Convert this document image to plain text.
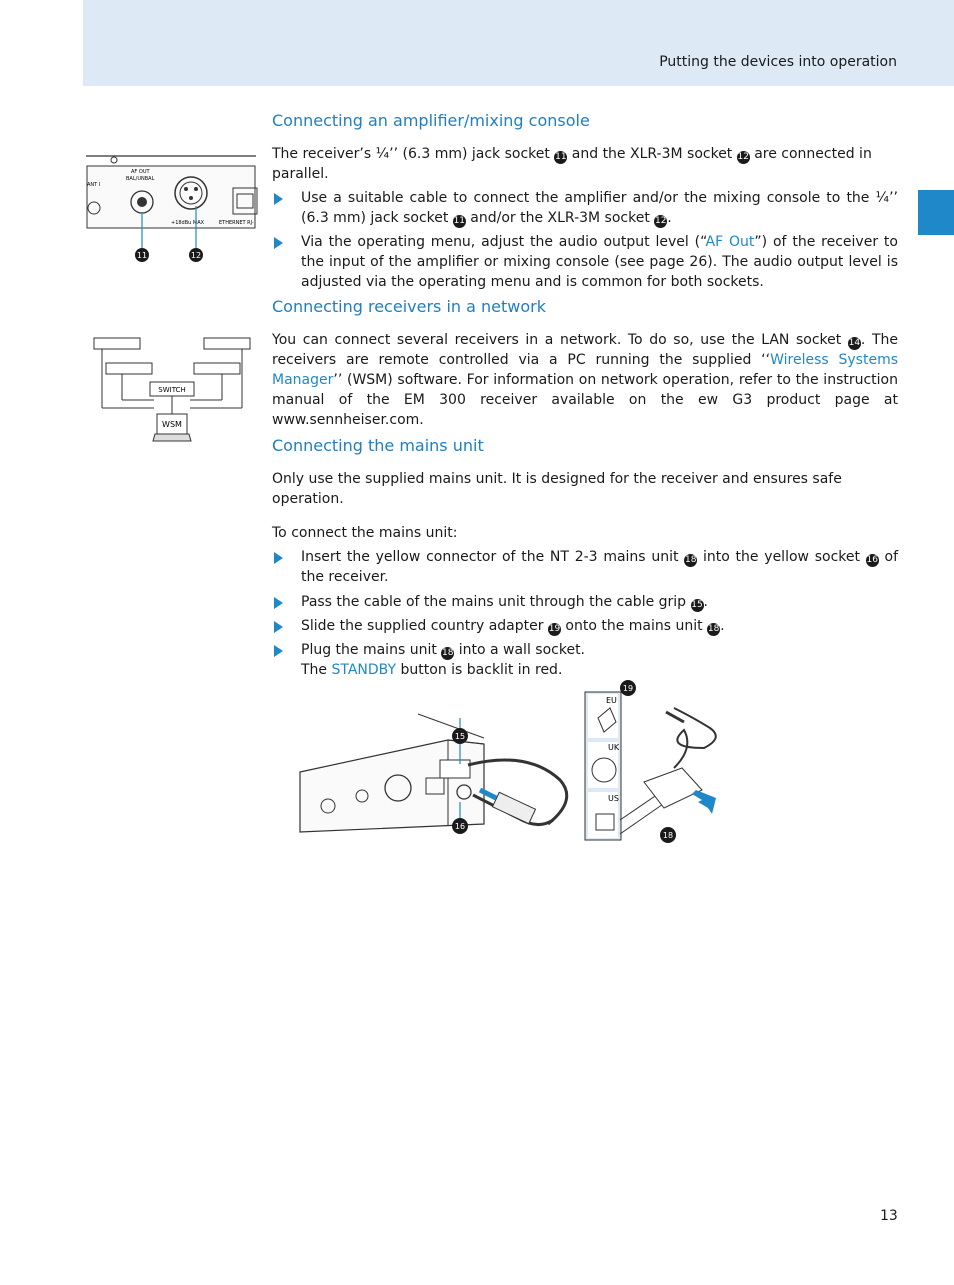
Putting the devices into operation
Connecting an amplifier/mixing console

The receiver’s ¼’’ (6.3 mm) jack socket 11 and the XLR-3M socket 12 are connected in parallel.

Use a suitable cable to connect the amplifier and/or the mixing console to the ¼’’ (6.3 mm) jack socket 11 and/or the XLR-3M socket 12.
Via the operating menu, adjust the audio output level (“AF Out”) of the receiver to the input of the amplifier or mixing console (see page 26). The audio output level is adjusted via the operating menu and is common for both sockets.
ANT I
AF OUT
BAL/UNBAL
+18dBu MAX	ETHERNET RJ-
11	12
Connecting receivers in a network

You can connect several receivers in a network. To do so, use the LAN socket 14. The receivers are remote controlled via a PC running the supplied ‘‘Wireless Systems Manager’’ (WSM) software. For information on network operation, refer to the instruction manual of the EM 300 receiver available on the ew G3 product page at www.sennheiser.com.

SWITCH
WSM
Connecting the mains unit

Only use the supplied mains unit. It is designed for the receiver and ensures safe operation.

To connect the mains unit:

Insert the yellow connector of the NT 2-3 mains unit 18 into the yellow socket 16 of the receiver.
Pass the cable of the mains unit through the cable grip 15.
Slide the supplied country adapter 19 onto the mains unit 18.
Plug the mains unit 18 into a wall socket.
The STANDBY button is backlit in red.
15
16
EU
UK
US
19
18
13
